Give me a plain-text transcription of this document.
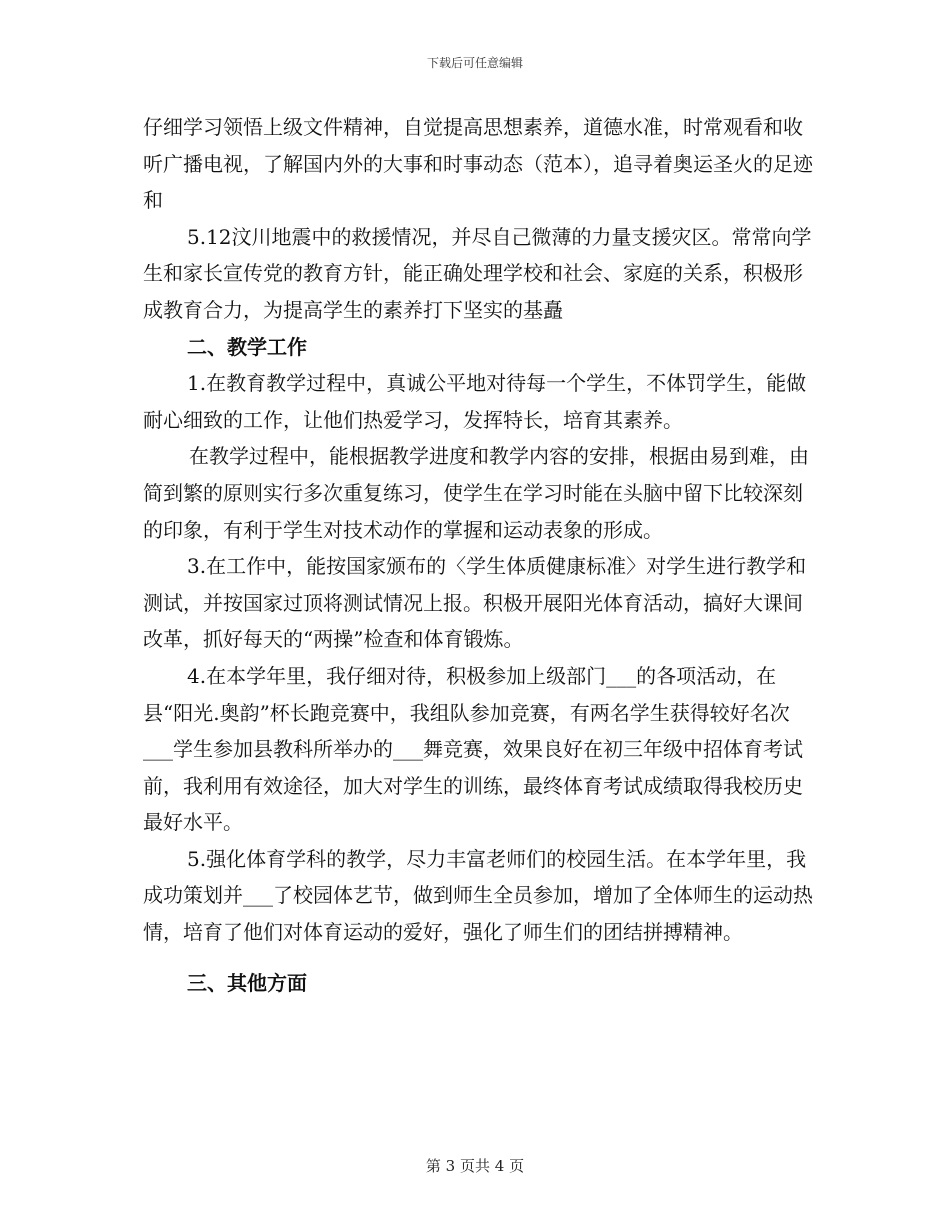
下载后可任意编辑

仔细学习领悟上级文件精神，自觉提高思想素养，道德水准，时常观看和收听广播电视，了解国内外的大事和时事动态（范本），追寻着奥运圣火的足迹和

5.12汶川地震中的救援情况，并尽自己微薄的力量支援灾区。常常向学生和家长宣传党的教育方针，能正确处理学校和社会、家庭的关系，积极形成教育合力，为提高学生的素养打下坚实的基矗

二、教学工作

1.在教育教学过程中，真诚公平地对待每一个学生，不体罚学生，能做耐心细致的工作，让他们热爱学习，发挥特长，培育其素养。

在教学过程中，能根据教学进度和教学内容的安排，根据由易到难，由简到繁的原则实行多次重复练习，使学生在学习时能在头脑中留下比较深刻的印象，有利于学生对技术动作的掌握和运动表象的形成。

3.在工作中，能按国家颁布的〈学生体质健康标准〉对学生进行教学和测试，并按国家过顶将测试情况上报。积极开展阳光体育活动，搞好大课间改革，抓好每天的“两操”检查和体育锻炼。

4.在本学年里，我仔细对待，积极参加上级部门___的各项活动，在县“阳光.奥韵”杯长跑竞赛中，我组队参加竞赛，有两名学生获得较好名次___学生参加县教科所举办的___舞竞赛，效果良好在初三年级中招体育考试前，我利用有效途径，加大对学生的训练，最终体育考试成绩取得我校历史最好水平。

5.强化体育学科的教学，尽力丰富老师们的校园生活。在本学年里，我成功策划并___了校园体艺节，做到师生全员参加，增加了全体师生的运动热情，培育了他们对体育运动的爱好，强化了师生们的团结拼搏精神。

三、其他方面

第 3 页共 4 页
